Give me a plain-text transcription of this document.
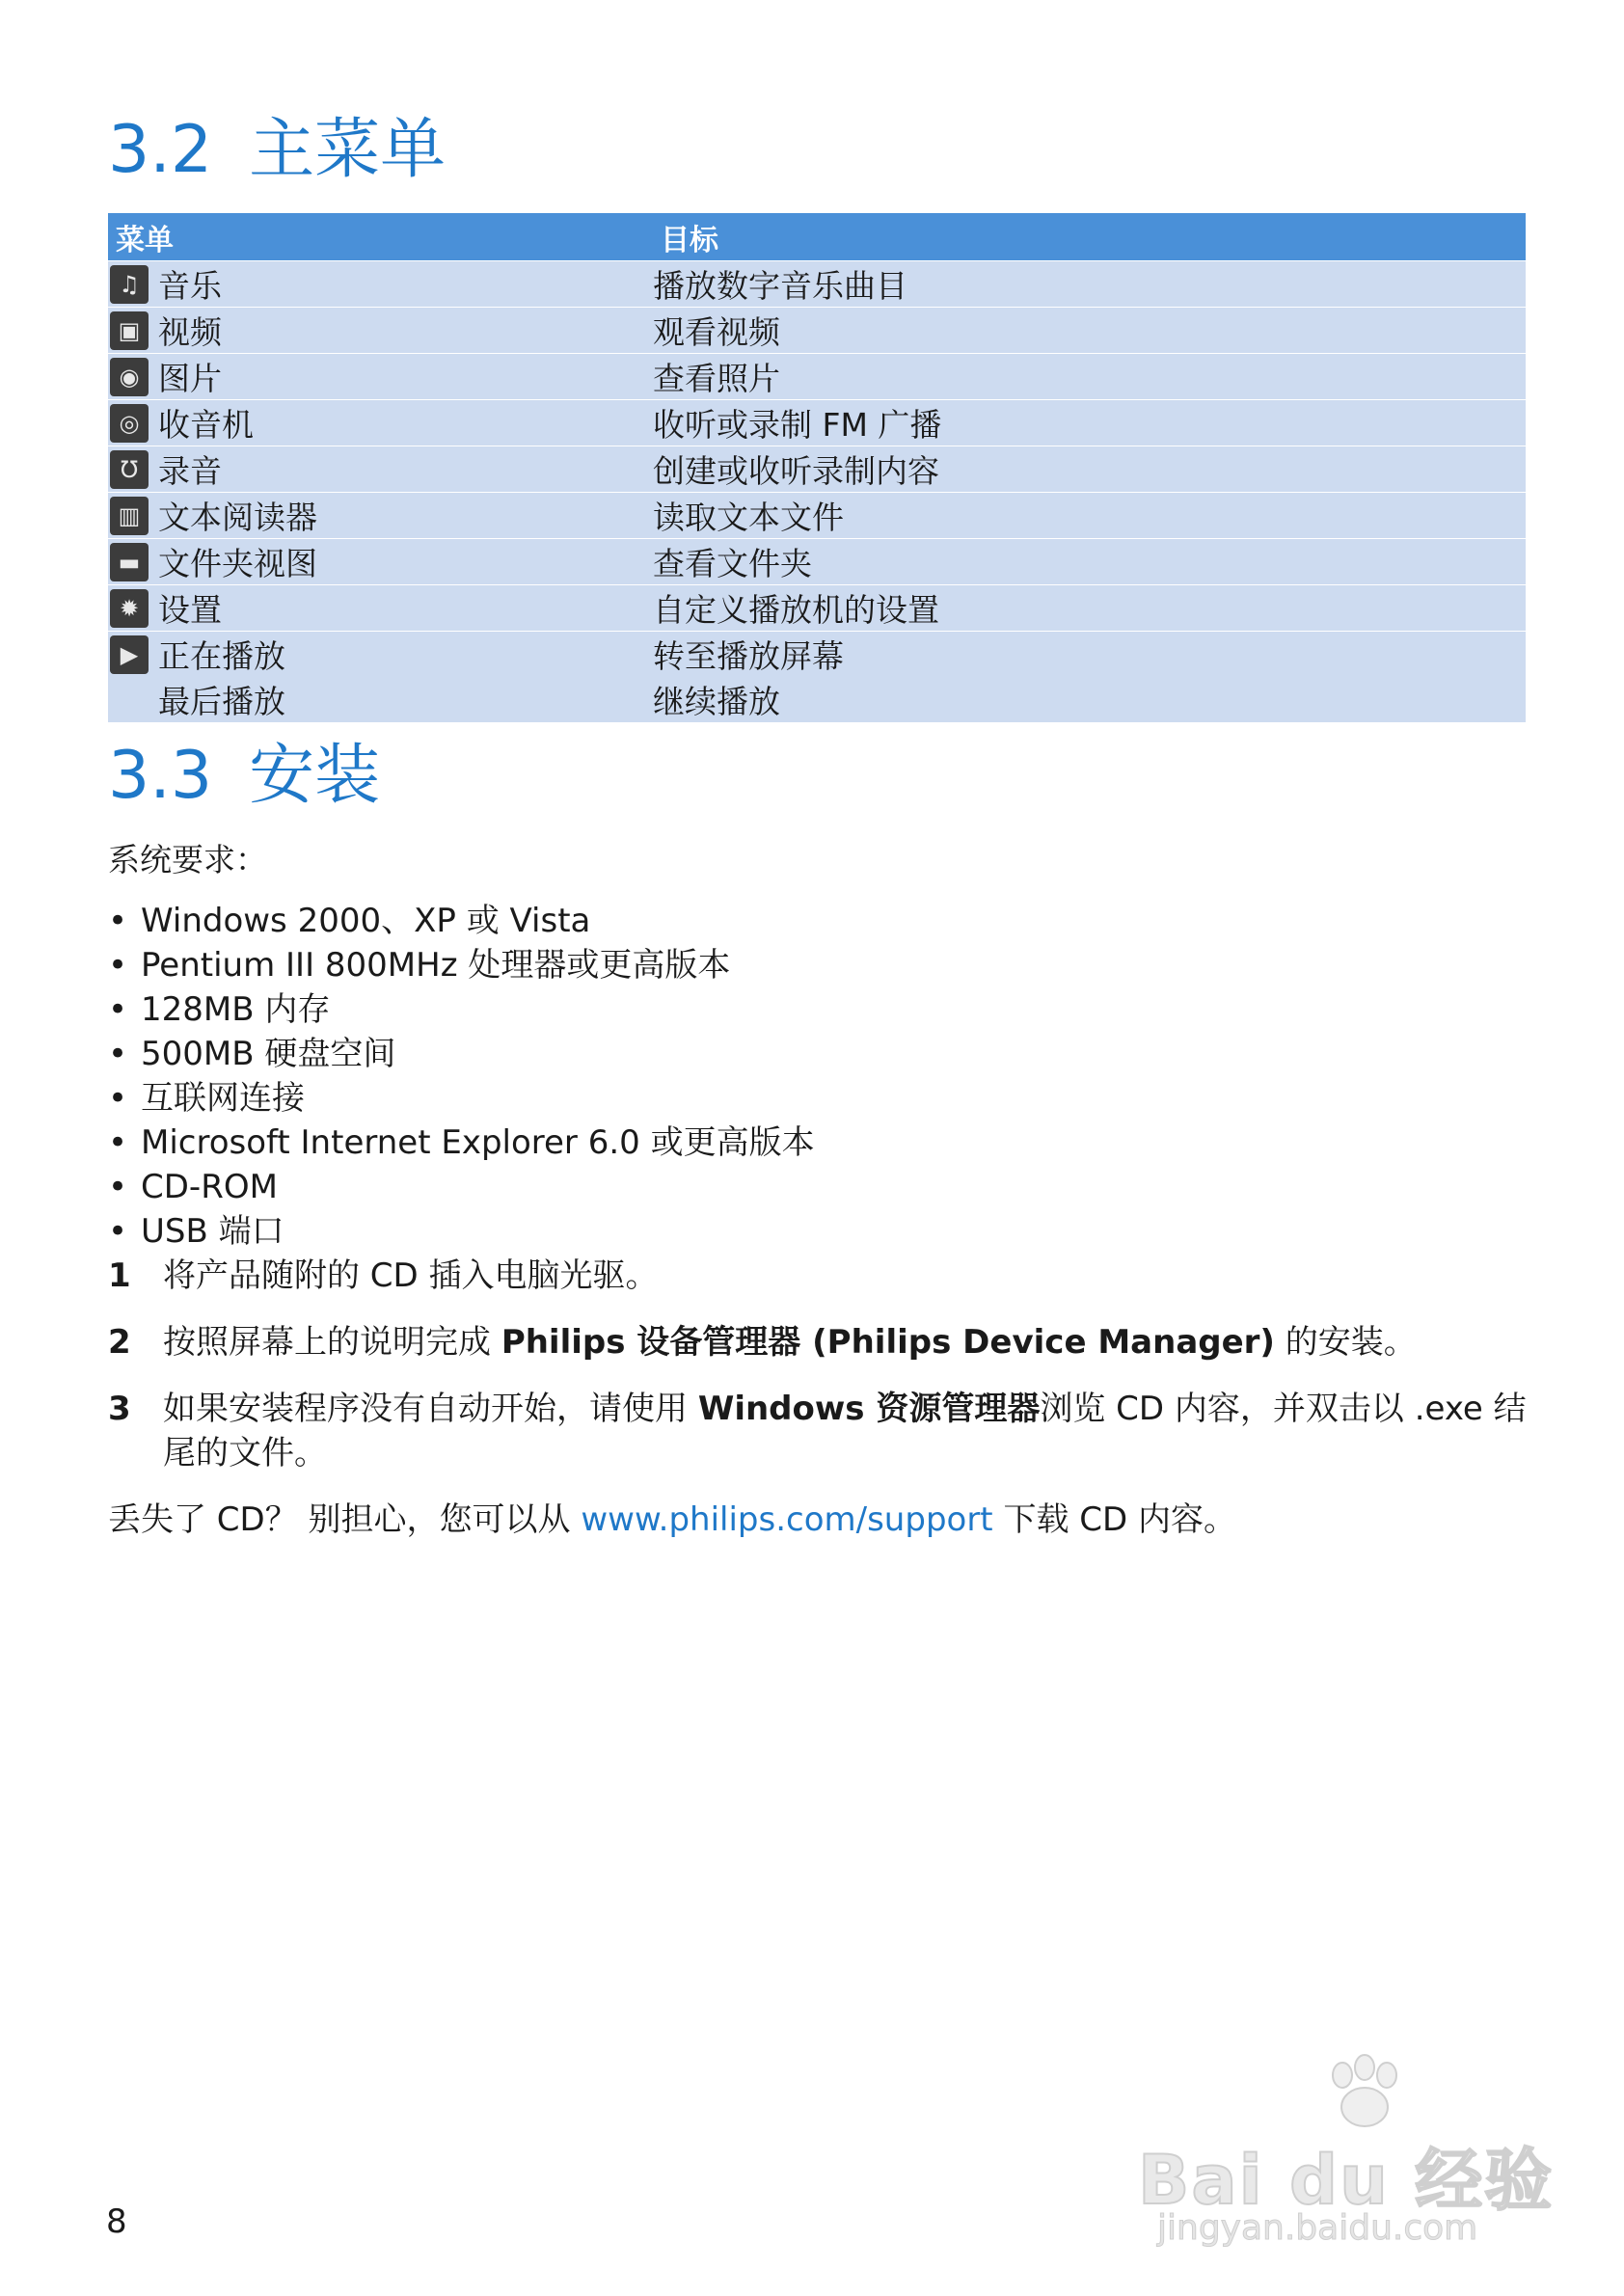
3.2 主菜单
菜单	目标

♫ 音乐	播放数字音乐曲目

▣ 视频	观看视频

◉ 图片	查看照片

◎ 收音机	收听或录制 FM 广播

Ʊ 录音	创建或收听录制内容

▥ 文本阅读器	读取文本文件

▬ 文件夹视图	查看文件夹

✹ 设置	自定义播放机的设置

▶ 正在播放	转至播放屏幕

最后播放	继续播放
3.3 安装

系统要求：

• Windows 2000、XP 或 Vista
• Pentium III 800MHz 处理器或更高版本
• 128MB 内存
• 500MB 硬盘空间
• 互联网连接
• Microsoft Internet Explorer 6.0 或更高版本
• CD-ROM
• USB 端口

1 将产品随附的 CD 插入电脑光驱。

2 按照屏幕上的说明完成 Philips 设备管理器 (Philips Device Manager) 的安装。

3 如果安装程序没有自动开始，请使用 Windows 资源管理器浏览 CD 内容，并双击以 .exe 结尾的文件。

丢失了 CD？ 别担心，您可以从 www.philips.com/support 下载 CD 内容。

8

Bai du 经验
jingyan.baidu.com
